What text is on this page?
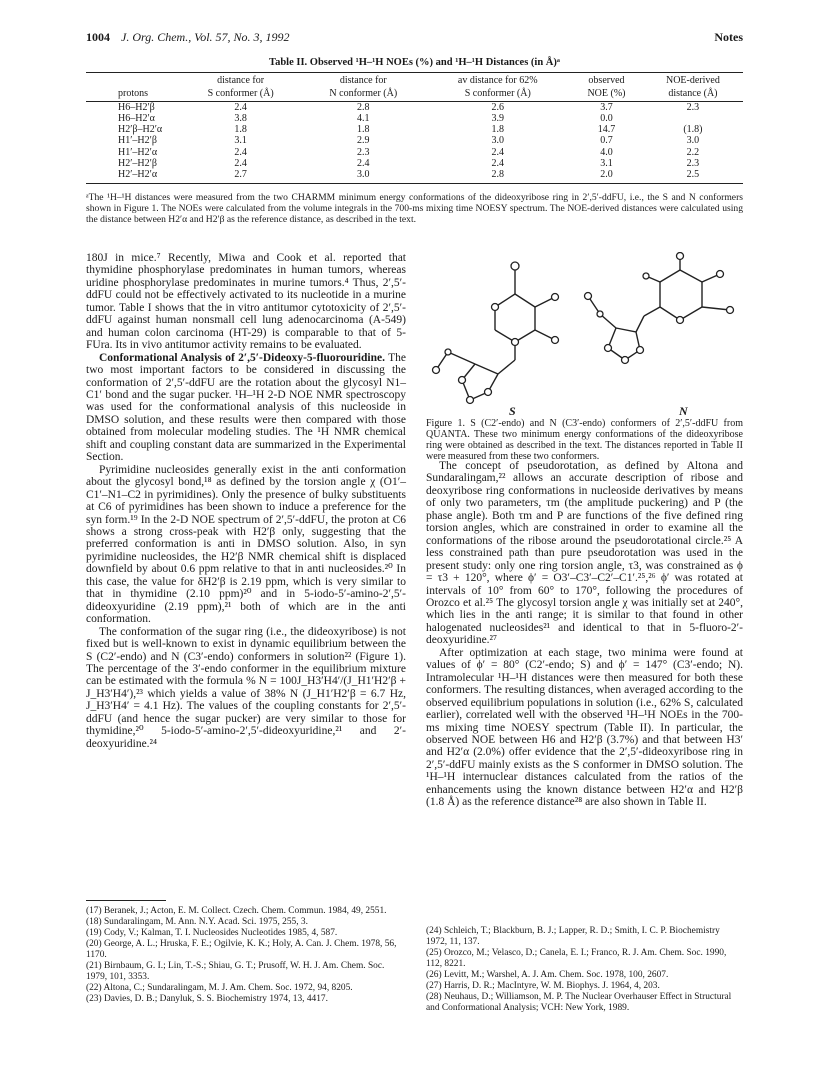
1004 J. Org. Chem., Vol. 57, No. 3, 1992	Notes
Table II. Observed ¹H–¹H NOEs (%) and ¹H–¹H Distances (in Å)ᵃ
	distance for	distance for	av distance for 62%	observed	NOE-derived
protons	S conformer (Å)	N conformer (Å)	S conformer (Å)	NOE (%)	distance (Å)
H6–H2′β	2.4	2.8	2.6	3.7	2.3
H6–H2′α	3.8	4.1	3.9	0.0	
H2′β–H2′α	1.8	1.8	1.8	14.7	(1.8)
H1′–H2′β	3.1	2.9	3.0	0.7	3.0
H1′–H2′α	2.4	2.3	2.4	4.0	2.2
H2′–H2′β	2.4	2.4	2.4	3.1	2.3
H2′–H2′α	2.7	3.0	2.8	2.0	2.5
ᵃThe ¹H–¹H distances were measured from the two CHARMM minimum energy conformations of the dideoxyribose ring in 2′,5′-ddFU, i.e., the S and N conformers shown in Figure 1. The NOEs were calculated from the volume integrals in the 700-ms mixing time NOESY spectrum. The NOE-derived distances were calculated using the distance between H2′α and H2′β as the reference distance, as described in the text.

180J in mice.⁷ Recently, Miwa and Cook et al. reported that thymidine phosphorylase predominates in human tumors, whereas uridine phosphorylase predominates in murine tumors.⁴ Thus, 2′,5′-ddFU could not be effectively activated to its nucleotide in a murine tumor. Table I shows that the in vitro antitumor cytotoxicity of 2′,5′-ddFU against human nonsmall cell lung adenocarcinoma (A-549) and human colon carcinoma (HT-29) is comparable to that of 5-FUra. Its in vivo antitumor activity remains to be evaluated.

Conformational Analysis of 2′,5′-Dideoxy-5-fluorouridine. The two most important factors to be considered in discussing the conformation of 2′,5′-ddFU are the rotation about the glycosyl N1–C1′ bond and the sugar pucker. ¹H–¹H 2-D NOE NMR spectroscopy was used for the conformational analysis of this nucleoside in DMSO solution, and these results were then compared with those obtained from molecular modeling studies. The ¹H NMR chemical shift and coupling constant data are summarized in the Experimental Section.

Pyrimidine nucleosides generally exist in the anti conformation about the glycosyl bond,¹⁸ as defined by the torsion angle χ (O1′–C1′–N1–C2 in pyrimidines). Only the presence of bulky substituents at C6 of pyrimidines has been shown to induce a preference for the syn form.¹⁹ In the 2-D NOE spectrum of 2′,5′-ddFU, the proton at C6 shows a strong cross-peak with H2′β only, suggesting that the preferred conformation is anti in DMSO solution. Also, in syn pyrimidine nucleosides, the H2′β NMR chemical shift is displaced downfield by about 0.6 ppm relative to that in anti nucleosides.²⁰ In this case, the value for δH2′β is 2.19 ppm, which is very similar to that in thymidine (2.10 ppm)²⁰ and in 5-iodo-5′-amino-2′,5′-dideoxyuridine (2.19 ppm),²¹ both of which are in the anti conformation.

The conformation of the sugar ring (i.e., the dideoxyribose) is not fixed but is well-known to exist in dynamic equilibrium between the S (C2′-endo) and N (C3′-endo) conformers in solution²² (Figure 1). The percentage of the 3′-endo conformer in the equilibrium mixture can be estimated with the formula % N = 100J_H3′H4′/(J_H1′H2′β + J_H3′H4′),²³ which yields a value of 38% N (J_H1′H2′β = 6.7 Hz, J_H3′H4′ = 4.1 Hz). The values of the coupling constants for 2′,5′-ddFU (and hence the sugar pucker) are very similar to those for thymidine,²⁰ 5-iodo-5′-amino-2′,5′-dideoxyuridine,²¹ and 2′-deoxyuridine.²⁴

S	N
Figure 1. S (C2′-endo) and N (C3′-endo) conformers of 2′,5′-ddFU from QUANTA. These two minimum energy conformations of the dideoxyribose ring were obtained as described in the text. The distances reported in Table II were measured from these two conformers.

The concept of pseudorotation, as defined by Altona and Sundaralingam,²² allows an accurate description of ribose and deoxyribose ring conformations in nucleoside derivatives by means of only two parameters, τm (the amplitude puckering) and P (the phase angle). Both τm and P are functions of the five defined ring torsion angles, which are constrained in order to examine all the conformations of the ribose around the pseudorotational circle.²⁵ A less constrained path than pure pseudorotation was used in the present study: only one ring torsion angle, τ3, was constrained as ϕ = τ3 + 120°, where ϕ′ = O3′–C3′–C2′–C1′.²⁵,²⁶ ϕ′ was rotated at intervals of 10° from 60° to 170°, following the procedures of Orozco et al.²⁵ The glycosyl torsion angle χ was initially set at 240°, which lies in the anti range; it is similar to that found in other halogenated nucleosides²¹ and identical to that in 5-fluoro-2′-deoxyuridine.²⁷

After optimization at each stage, two minima were found at values of ϕ′ = 80° (C2′-endo; S) and ϕ′ = 147° (C3′-endo; N). Intramolecular ¹H–¹H distances were then measured for both these conformers. The resulting distances, when averaged according to the observed equilibrium populations in solution (i.e., 62% S, calculated earlier), correlated well with the observed ¹H–¹H NOEs in the 700-ms mixing time NOESY spectrum (Table II). In particular, the observed NOE between H6 and H2′β (3.7%) and that between H3′ and H2′α (2.0%) offer evidence that the 2′,5′-dideoxyribose ring in 2′,5′-ddFU mainly exists as the S conformer in DMSO solution. The ¹H–¹H internuclear distances calculated from the ratios of the enhancements using the known distance between H2′α and H2′β (1.8 Å) as the reference distance²⁸ are also shown in Table II.

(17) Beranek, J.; Acton, E. M. Collect. Czech. Chem. Commun. 1984, 49, 2551.

(18) Sundaralingam, M. Ann. N.Y. Acad. Sci. 1975, 255, 3.

(19) Cody, V.; Kalman, T. I. Nucleosides Nucleotides 1985, 4, 587.

(20) George, A. L.; Hruska, F. E.; Ogilvie, K. K.; Holy, A. Can. J. Chem. 1978, 56, 1170.

(21) Birnbaum, G. I.; Lin, T.-S.; Shiau, G. T.; Prusoff, W. H. J. Am. Chem. Soc. 1979, 101, 3353.

(22) Altona, C.; Sundaralingam, M. J. Am. Chem. Soc. 1972, 94, 8205.

(23) Davies, D. B.; Danyluk, S. S. Biochemistry 1974, 13, 4417.

(24) Schleich, T.; Blackburn, B. J.; Lapper, R. D.; Smith, I. C. P. Biochemistry 1972, 11, 137.

(25) Orozco, M.; Velasco, D.; Canela, E. I.; Franco, R. J. Am. Chem. Soc. 1990, 112, 8221.

(26) Levitt, M.; Warshel, A. J. Am. Chem. Soc. 1978, 100, 2607.

(27) Harris, D. R.; MacIntyre, W. M. Biophys. J. 1964, 4, 203.

(28) Neuhaus, D.; Williamson, M. P. The Nuclear Overhauser Effect in Structural and Conformational Analysis; VCH: New York, 1989.
